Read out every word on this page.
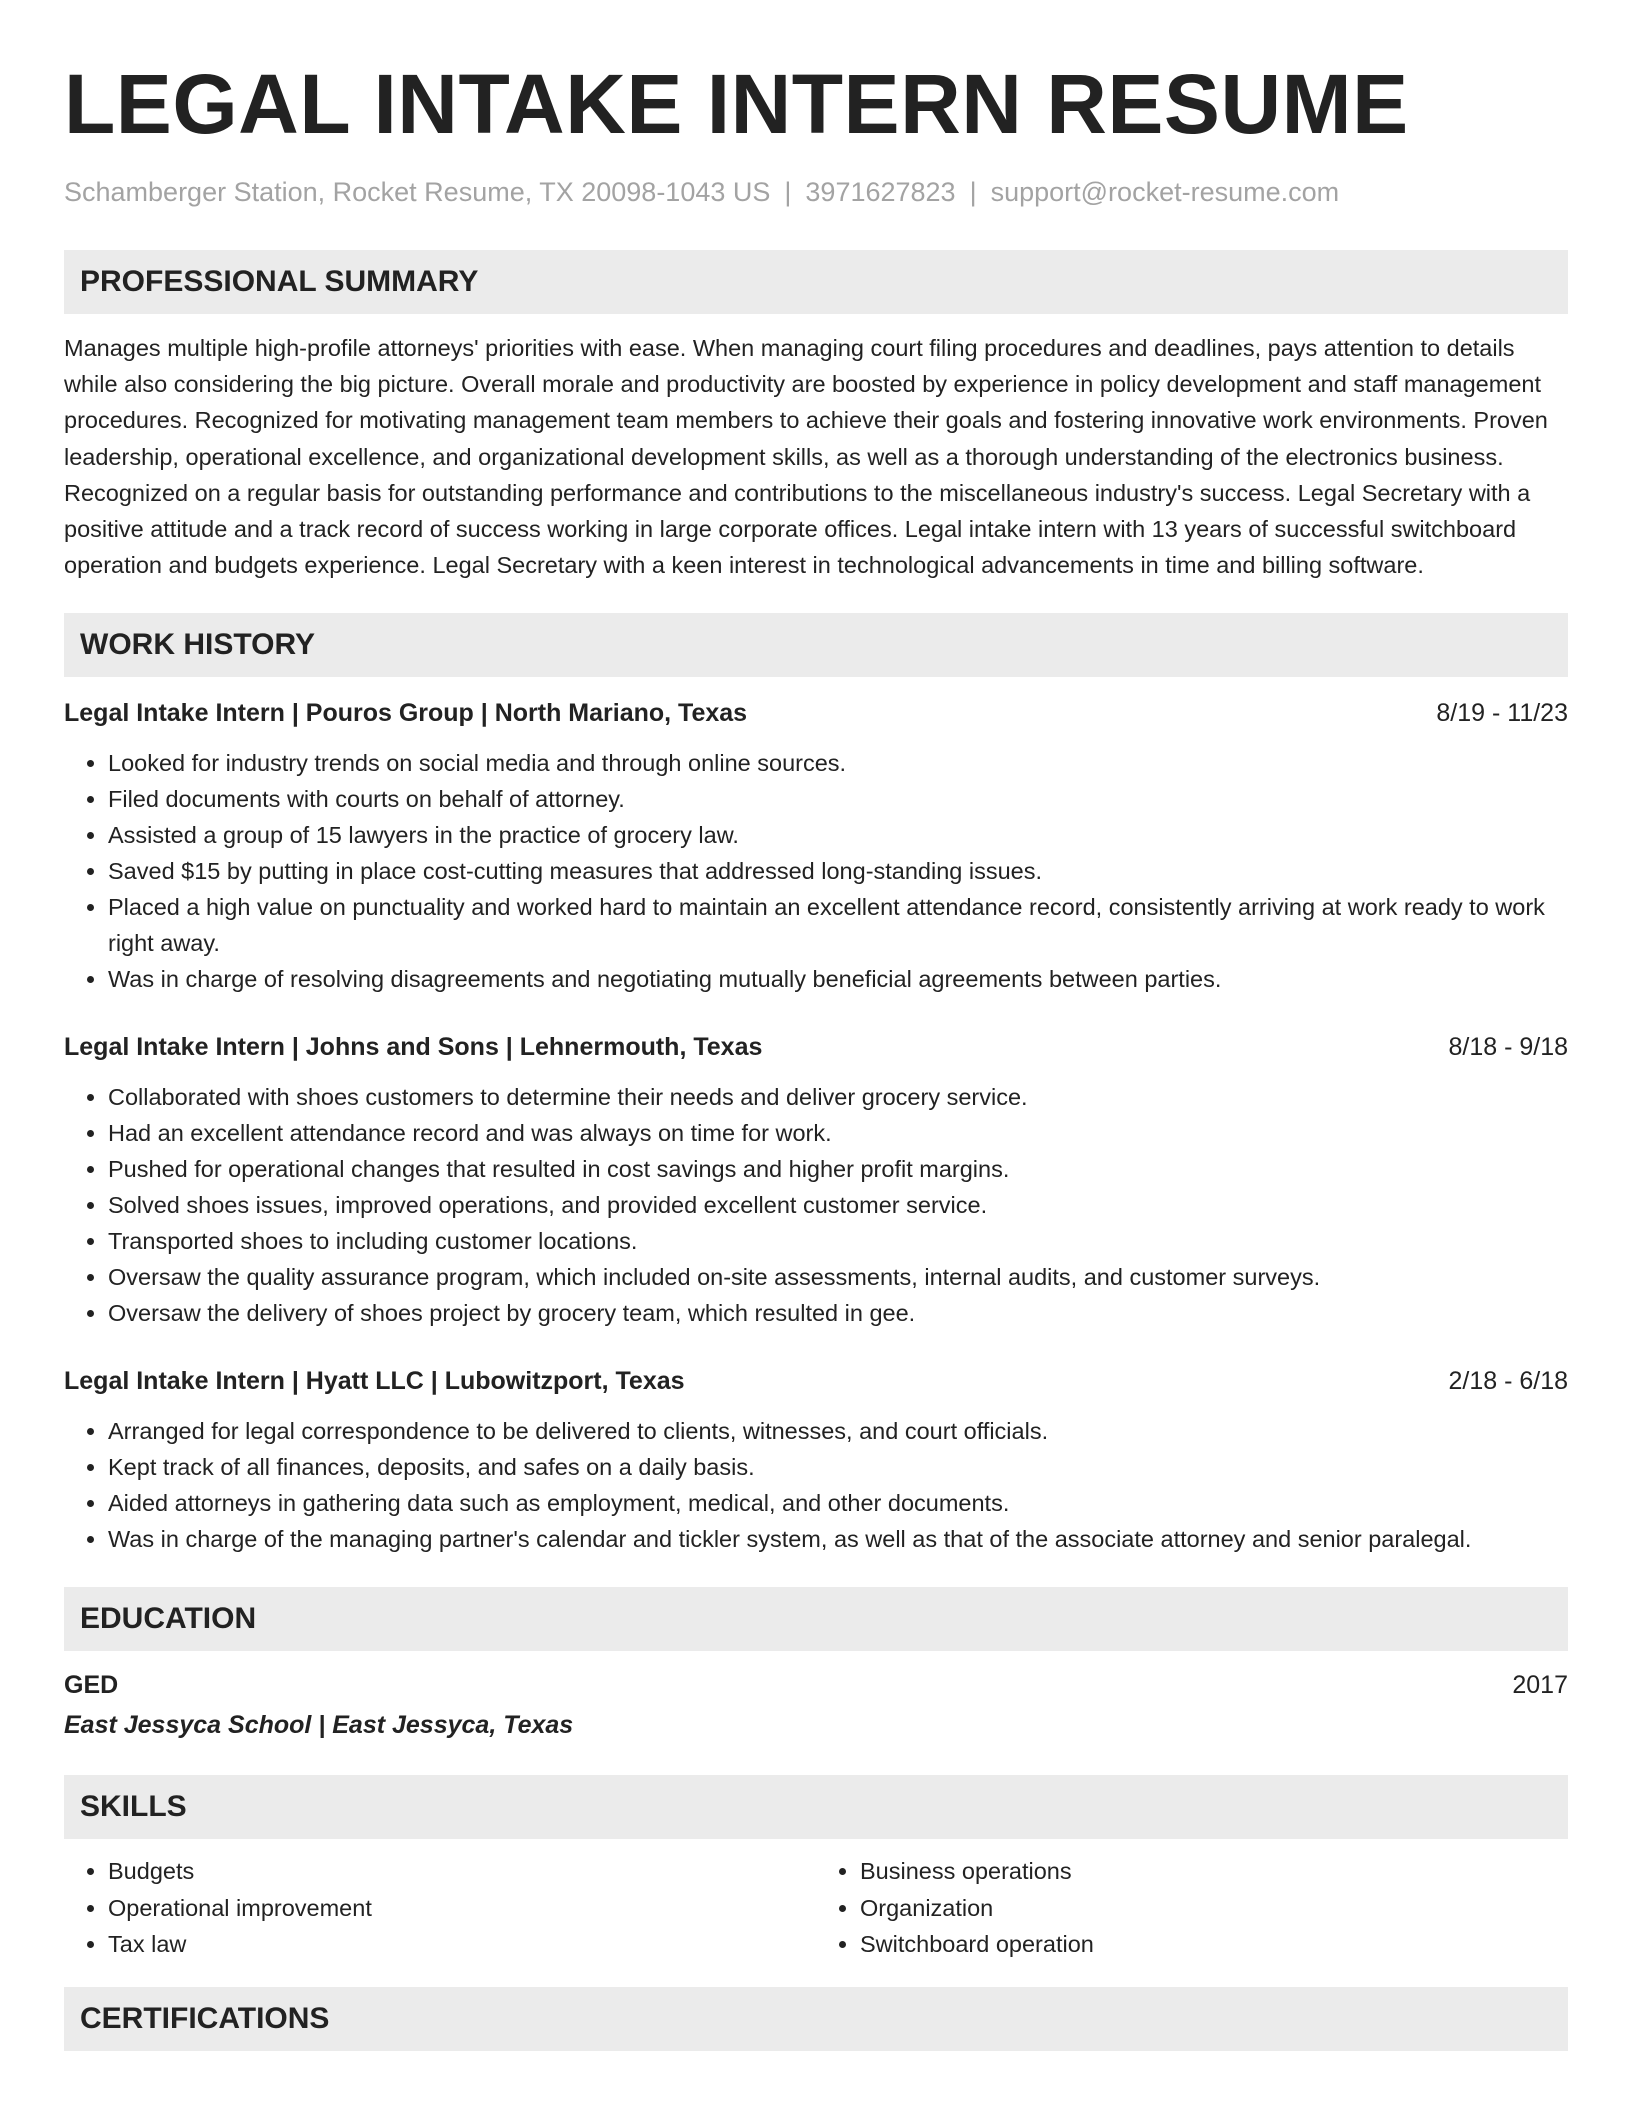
LEGAL INTAKE INTERN RESUME
Schamberger Station, Rocket Resume, TX 20098-1043 US | 3971627823 | support@rocket-resume.com
PROFESSIONAL SUMMARY
Manages multiple high-profile attorneys' priorities with ease. When managing court filing procedures and deadlines, pays attention to details while also considering the big picture. Overall morale and productivity are boosted by experience in policy development and staff management procedures. Recognized for motivating management team members to achieve their goals and fostering innovative work environments. Proven leadership, operational excellence, and organizational development skills, as well as a thorough understanding of the electronics business. Recognized on a regular basis for outstanding performance and contributions to the miscellaneous industry's success. Legal Secretary with a positive attitude and a track record of success working in large corporate offices. Legal intake intern with 13 years of successful switchboard operation and budgets experience. Legal Secretary with a keen interest in technological advancements in time and billing software.
WORK HISTORY
Legal Intake Intern | Pouros Group | North Mariano, Texas	8/19 - 11/23
• Looked for industry trends on social media and through online sources.
• Filed documents with courts on behalf of attorney.
• Assisted a group of 15 lawyers in the practice of grocery law.
• Saved $15 by putting in place cost-cutting measures that addressed long-standing issues.
• Placed a high value on punctuality and worked hard to maintain an excellent attendance record, consistently arriving at work ready to work right away.
• Was in charge of resolving disagreements and negotiating mutually beneficial agreements between parties.
Legal Intake Intern | Johns and Sons | Lehnermouth, Texas	8/18 - 9/18
• Collaborated with shoes customers to determine their needs and deliver grocery service.
• Had an excellent attendance record and was always on time for work.
• Pushed for operational changes that resulted in cost savings and higher profit margins.
• Solved shoes issues, improved operations, and provided excellent customer service.
• Transported shoes to including customer locations.
• Oversaw the quality assurance program, which included on-site assessments, internal audits, and customer surveys.
• Oversaw the delivery of shoes project by grocery team, which resulted in gee.
Legal Intake Intern | Hyatt LLC | Lubowitzport, Texas	2/18 - 6/18
• Arranged for legal correspondence to be delivered to clients, witnesses, and court officials.
• Kept track of all finances, deposits, and safes on a daily basis.
• Aided attorneys in gathering data such as employment, medical, and other documents.
• Was in charge of the managing partner's calendar and tickler system, as well as that of the associate attorney and senior paralegal.
EDUCATION
GED	2017
East Jessyca School | East Jessyca, Texas
SKILLS
• Budgets
• Operational improvement
• Tax law
• Business operations
• Organization
• Switchboard operation
CERTIFICATIONS
